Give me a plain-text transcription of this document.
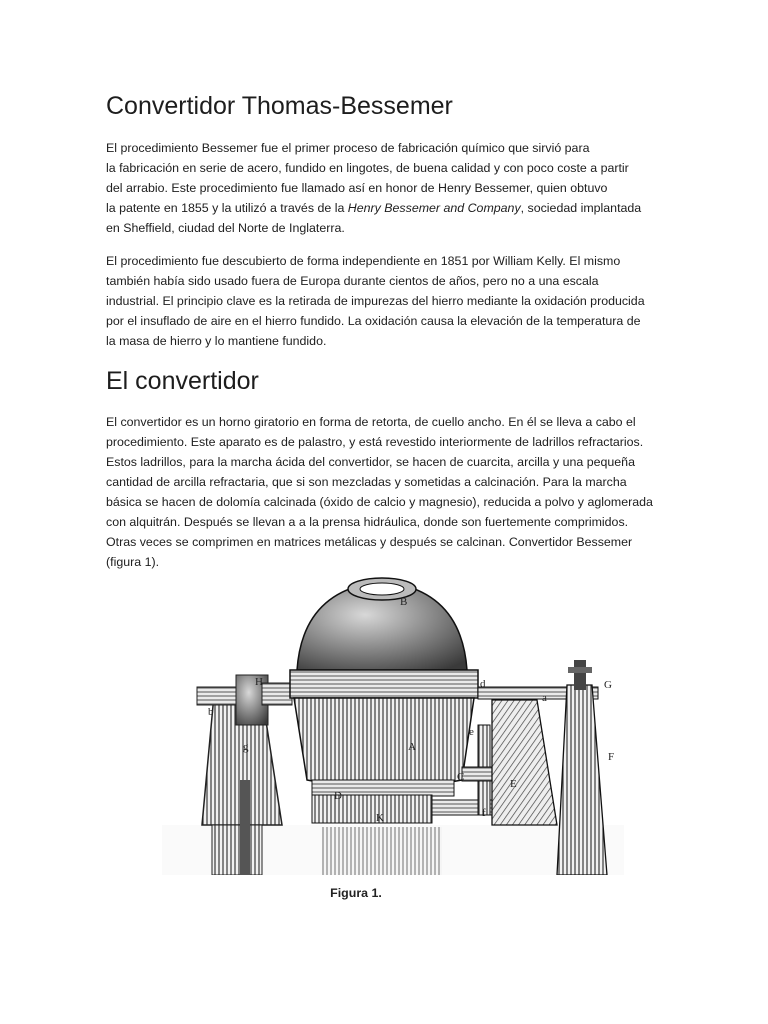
Convertidor Thomas-Bessemer
El procedimiento Bessemer fue el primer proceso de fabricación químico que sirvió para
la fabricación en serie de acero, fundido en lingotes, de buena calidad y con poco coste a partir
del arrabio. Este procedimiento fue llamado así en honor de Henry Bessemer, quien obtuvo
la patente en 1855 y la utilizó a través de la Henry Bessemer and Company, sociedad implantada
en Sheffield, ciudad del Norte de Inglaterra.
El procedimiento fue descubierto de forma independiente en 1851 por William Kelly. El mismo
también había sido usado fuera de Europa durante cientos de años, pero no a una escala
industrial. El principio clave es la retirada de impurezas del hierro mediante la oxidación producida
por el insuflado de aire en el hierro fundido. La oxidación causa la elevación de la temperatura de
la masa de hierro y lo mantiene fundido.
El convertidor
El convertidor es un horno giratorio en forma de retorta, de cuello ancho. En él se lleva a cabo el
procedimiento. Este aparato es de palastro, y está revestido interiormente de ladrillos refractarios.
Estos ladrillos, para la marcha ácida del convertidor, se hacen de cuarcita, arcilla y una pequeña
cantidad de arcilla refractaria, que si son mezcladas y sometidas a calcinación. Para la marcha
básica se hacen de dolomía calcinada (óxido de calcio y magnesio), reducida a polvo y aglomerada
con alquitrán. Después se llevan a a la prensa hidráulica, donde son fuertemente comprimidos.
Otras veces se comprimen en matrices metálicas y después se calcinan. Convertidor Bessemer
(figura 1).
B
H
b
g
d
a
G
A
e
C
E
F
D
f
K
Figura 1.
